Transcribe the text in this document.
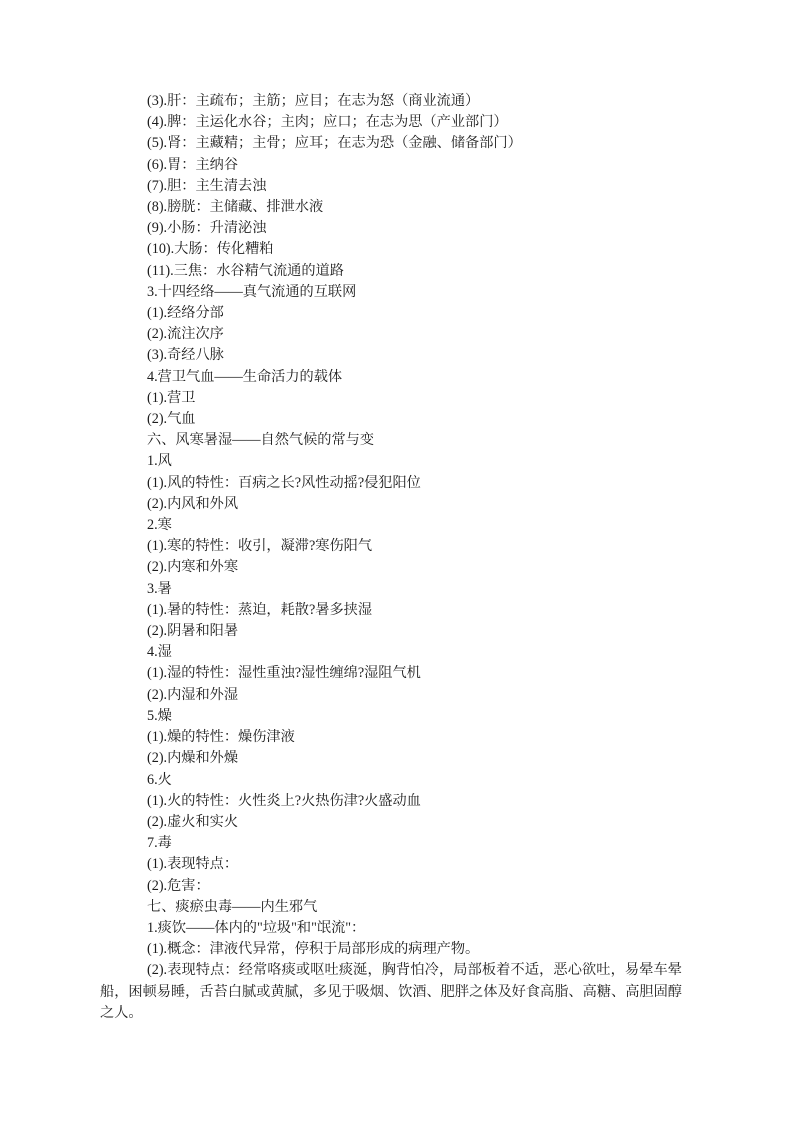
(3).肝：主疏布；主筋；应目；在志为怒（商业流通）

(4).脾：主运化水谷；主肉；应口；在志为思（产业部门）

(5).肾：主藏精；主骨；应耳；在志为恐（金融、储备部门）

(6).胃：主纳谷

(7).胆：主生清去浊

(8).膀胱：主储藏、排泄水液

(9).小肠：升清泌浊

(10).大肠：传化糟粕

(11).三焦：水谷精气流通的道路

3.十四经络——真气流通的互联网

(1).经络分部

(2).流注次序

(3).奇经八脉

4.营卫气血——生命活力的载体

(1).营卫

(2).气血

六、风寒暑湿——自然气候的常与变

1.风

(1).风的特性：百病之长?风性动摇?侵犯阳位

(2).内风和外风

2.寒

(1).寒的特性：收引，凝滞?寒伤阳气

(2).内寒和外寒

3.暑

(1).暑的特性：蒸迫，耗散?暑多挟湿

(2).阴暑和阳暑

4.湿

(1).湿的特性：湿性重浊?湿性缠绵?湿阻气机

(2).内湿和外湿

5.燥

(1).燥的特性：燥伤津液

(2).内燥和外燥

6.火

(1).火的特性：火性炎上?火热伤津?火盛动血

(2).虚火和实火

7.毒

(1).表现特点：

(2).危害：

七、痰瘀虫毒——内生邪气

1.痰饮——体内的"垃圾"和"氓流"：

(1).概念：津液代异常，停积于局部形成的病理产物。

(2).表现特点：经常咯痰或呕吐痰涎，胸背怕冷，局部板着不适，恶心欲吐，易晕车晕船，困顿易睡，舌苔白腻或黄腻，多见于吸烟、饮酒、肥胖之体及好食高脂、高糖、高胆固醇之人。
